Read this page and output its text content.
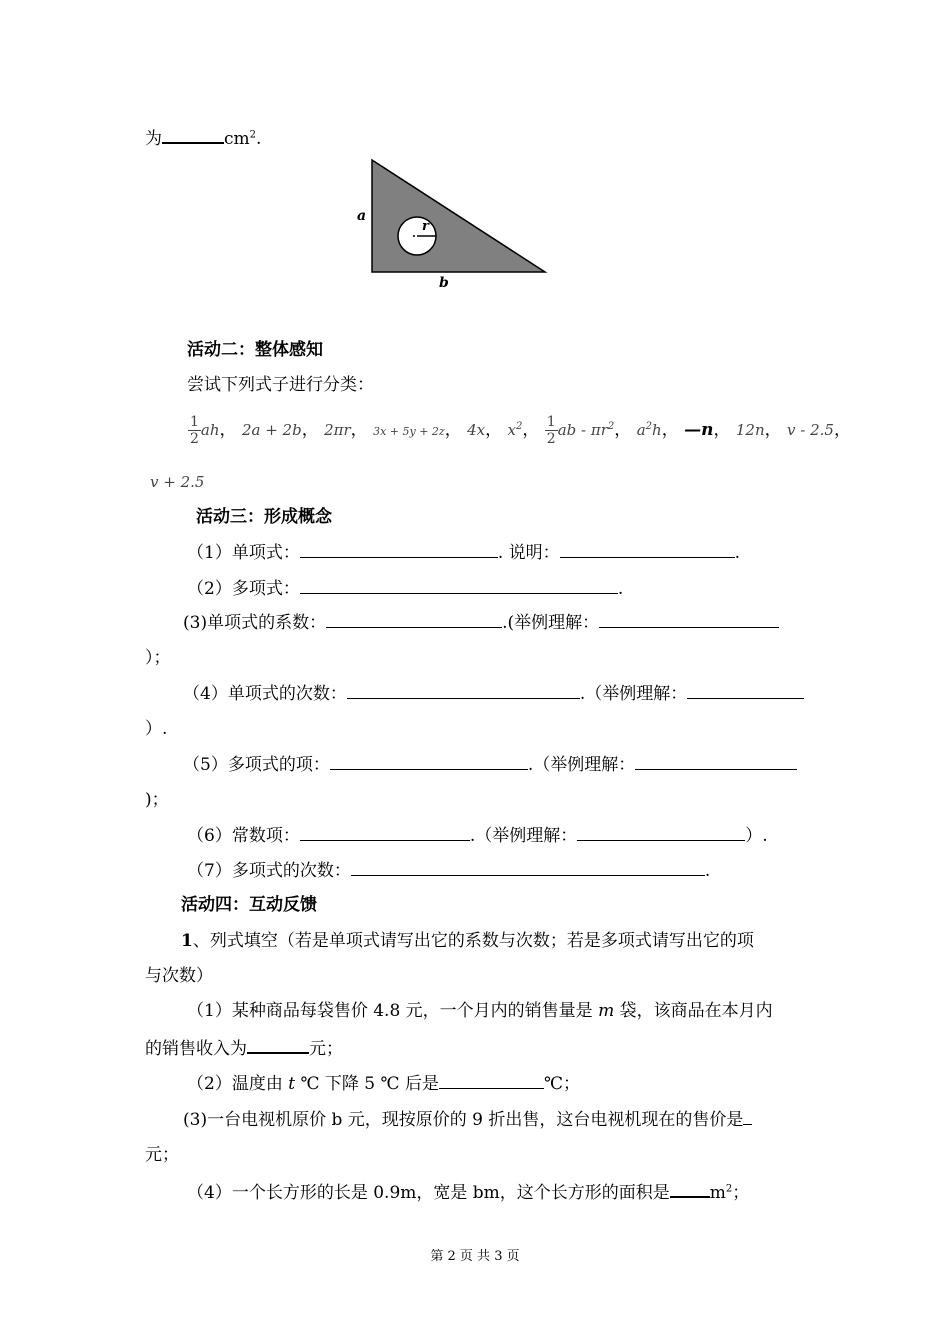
为	$cm^2$.
a
r
b
活动二：整体感知
尝试下列式子进行分类：
$\frac{1}{2}$ ah， 2a + 2b， 2πr， 3x + 5y + 2z， 4x， $x^2$， $\frac{1}{2}$ ab - $\pi r^2$， $a^2h$， —n， 12n， v - 2.5，
v + 2.5
活动三：形成概念
（1）单项式：	. 说明：	.
（2）多项式：	.
(3)单项式的系数：	.(举例理解：
）；
（4）单项式的次数：	.（举例理解：
）.
（5）多项式的项：	.（举例理解：
)；
（6）常数项：	.（举例理解：	）.
（7）多项式的次数：	.
活动四：互动反馈
1、列式填空（若是单项式请写出它的系数与次数；若是多项式请写出它的项
与次数）
（1）某种商品每袋售价 4.8 元，一个月内的销售量是 m 袋，该商品在本月内
的销售收入为	元；
（2）温度由 t ℃ 下降 5 ℃ 后是	℃；
(3)一台电视机原价 b 元，现按原价的 9 折出售，这台电视机现在的售价是
元；
（4）一个长方形的长是 0.9m，宽是 bm，这个长方形的面积是 $m^2$；
第 2 页 共 3 页
